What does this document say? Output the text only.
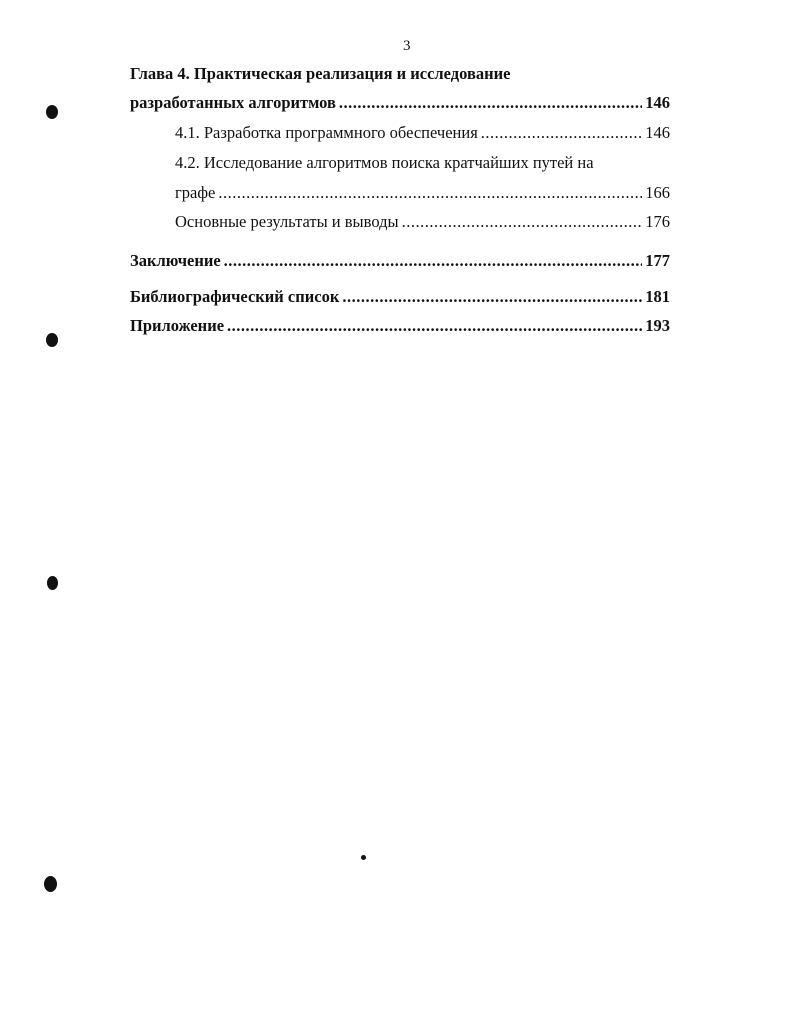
3
Глава 4. Практическая реализация и исследование
разработанных алгоритмов .....	146
4.1. Разработка программного обеспечения .....	146
4.2. Исследование алгоритмов поиска кратчайших путей на
графе .....	166
Основные результаты и выводы .....	176
Заключение .....	177
Библиографический список .....	181
Приложение .....	193
